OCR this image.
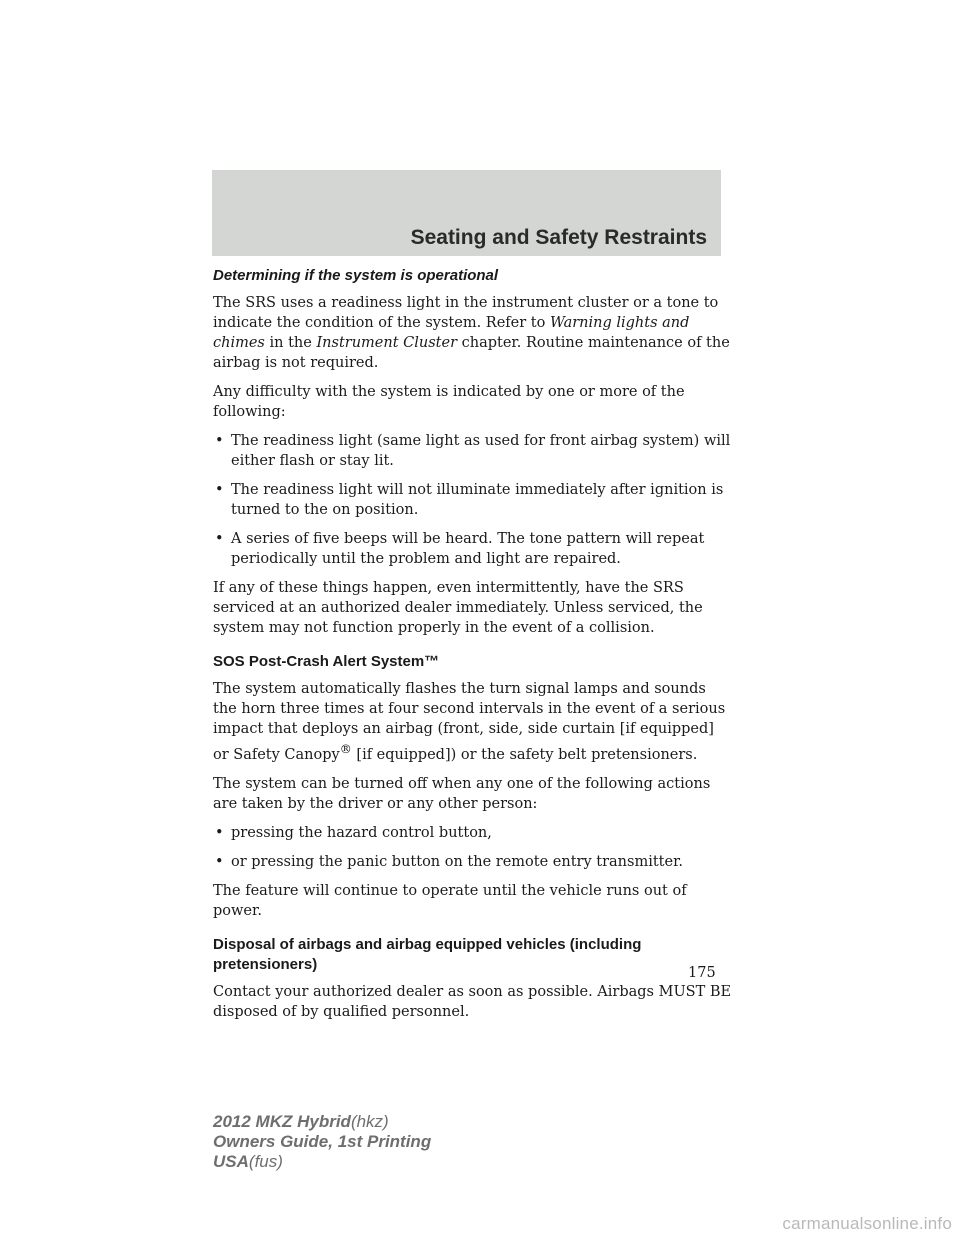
Seating and Safety Restraints
Determining if the system is operational

The SRS uses a readiness light in the instrument cluster or a tone to indicate the condition of the system. Refer to Warning lights and chimes in the Instrument Cluster chapter. Routine maintenance of the airbag is not required.

Any difficulty with the system is indicated by one or more of the following:

• The readiness light (same light as used for front airbag system) will either flash or stay lit.
• The readiness light will not illuminate immediately after ignition is turned to the on position.
• A series of five beeps will be heard. The tone pattern will repeat periodically until the problem and light are repaired.

If any of these things happen, even intermittently, have the SRS serviced at an authorized dealer immediately. Unless serviced, the system may not function properly in the event of a collision.

SOS Post-Crash Alert System™

The system automatically flashes the turn signal lamps and sounds the horn three times at four second intervals in the event of a serious impact that deploys an airbag (front, side, side curtain [if equipped] or Safety Canopy® [if equipped]) or the safety belt pretensioners.

The system can be turned off when any one of the following actions are taken by the driver or any other person:

• pressing the hazard control button,
• or pressing the panic button on the remote entry transmitter.

The feature will continue to operate until the vehicle runs out of power.

Disposal of airbags and airbag equipped vehicles (including pretensioners)

Contact your authorized dealer as soon as possible. Airbags MUST BE disposed of by qualified personnel.

175
2012 MKZ Hybrid(hkz)
Owners Guide, 1st Printing
USA(fus)
carmanualsonline.info
